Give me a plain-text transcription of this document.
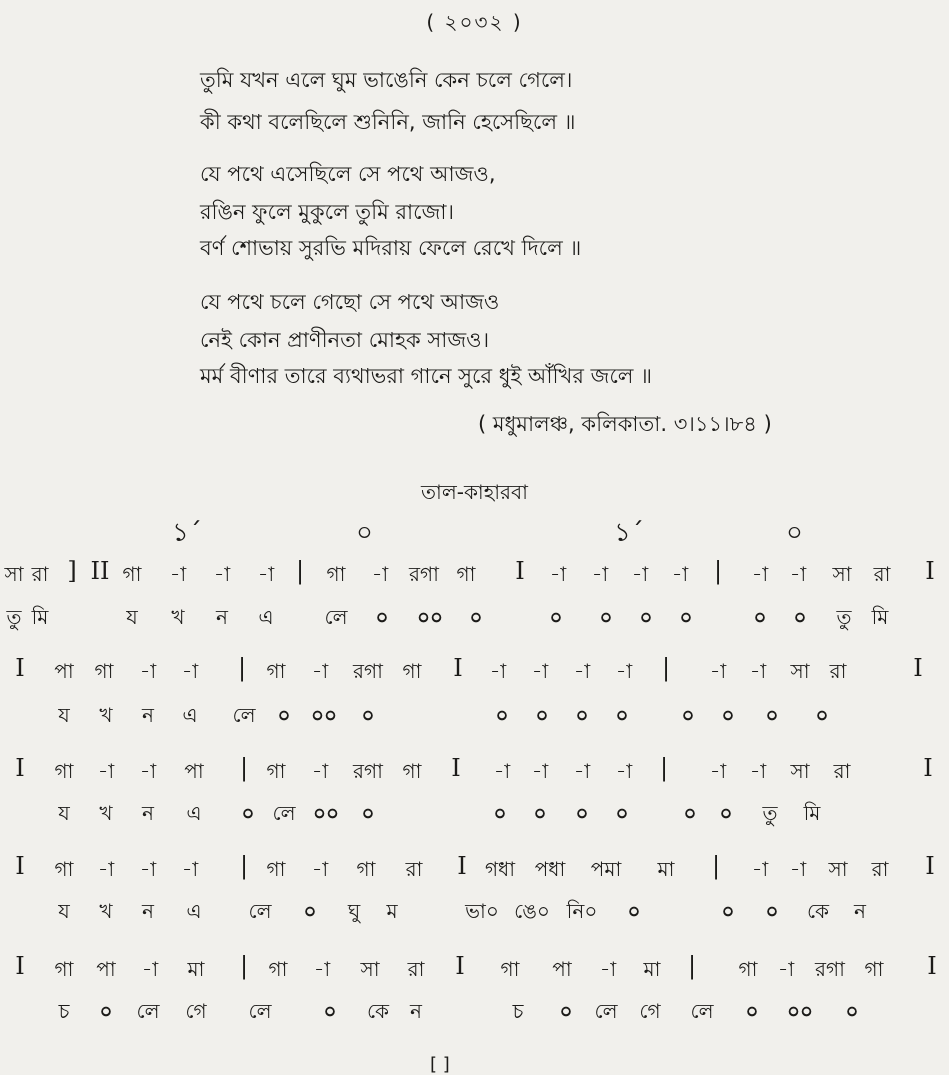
( ২০৩২ )
তুমি যখন এলে ঘুম ভাঙেনি কেন চলে গেলে।
কী কথা বলেছিলে শুনিনি, জানি হেসেছিলে ॥
যে পথে এসেছিলে সে পথে আজও,
রঙিন ফুলে মুকুলে তুমি রাজো।
বর্ণ শোভায় সুরভি মদিরায় ফেলে রেখে দিলে ॥
যে পথে চলে গেছো সে পথে আজও
নেই কোন প্রাণীনতা মোহক সাজও।
মর্ম বীণার তারে ব্যথাভরা গানে সুরে ধুই আঁখির জলে ॥
( মধুমালঞ্চ, কলিকাতা. ৩।১১।৮৪ )
তাল-কাহারবা
১´	০	১´	০
সা রা ] II গা -া -া -া | গা -া রগা গা I -া -া -া -া | -া -া সা রা I
তু মি	য খ ন এ	লে ০ ০০ ০	০ ০ ০ ০	০ ০ তু মি
I পা গা -া -া | গা -া রগা গা I -া -া -া -া | -া -া সা রা	I
য খ ন এ লে ০ ০০ ০	০ ০ ০ ০	০ ০ ০ ০
I গা -া -া পা | গা -া রগা গা I -া -া -া -া | -া -া সা রা	I
য খ ন এ ০ লে ০০ ০	০ ০ ০ ০	০ ০ তু মি
I গা -া -া -া | গা -া গা রা I গধা পধা পমা মা | -া -া সা রা I
য খ ন এ লে ০ ঘু ম	ভা০ ঙে০ নি০ ০	০ ০ কে ন
I গা পা -া মা | গা -া সা রা I গা পা -া মা | গা -া রগা গা I
চ ০ লে গে লে	০ কে ন	চ ০ লে গে লে ০ ০০ ০
[ ]
